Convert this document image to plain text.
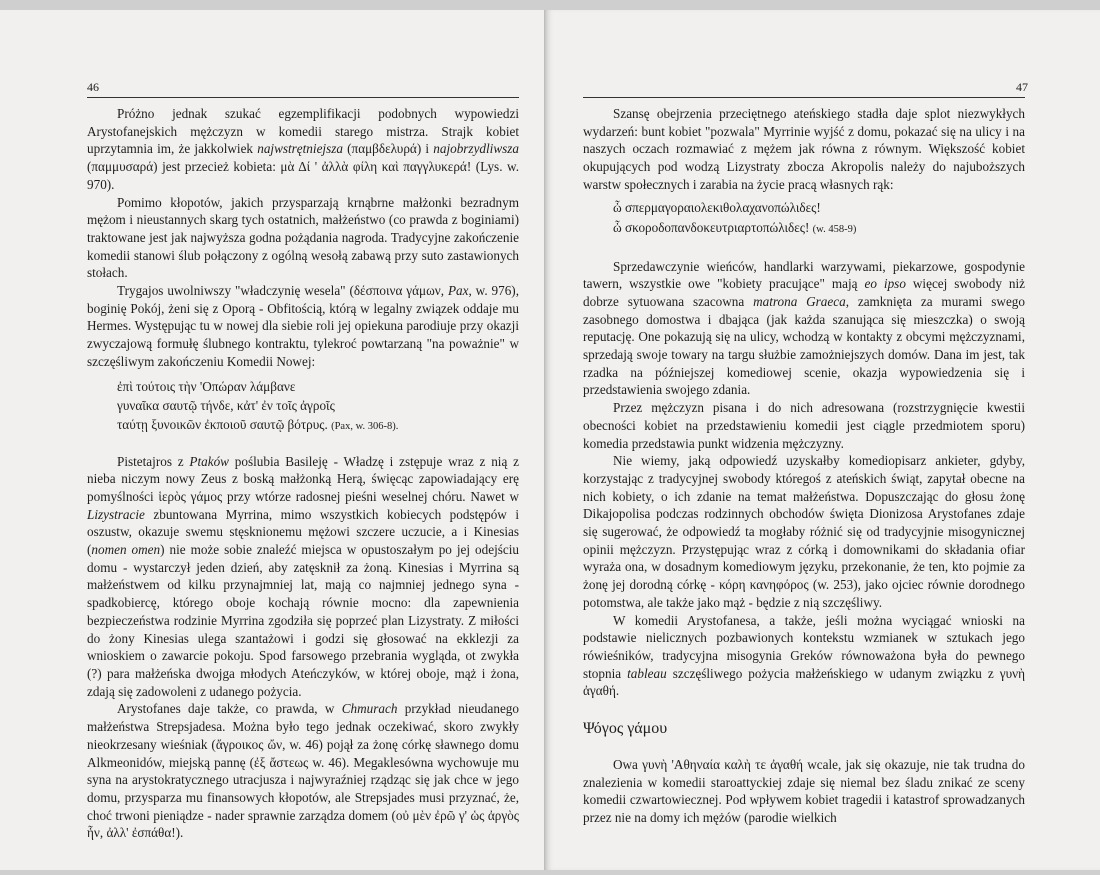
46

Próżno jednak szukać egzemplifikacji podobnych wypowiedzi Arystofanejskich mężczyzn w komedii starego mistrza. Strajk kobiet uprzytamnia im, że jakkolwiek najwstrętniejsza (παμβδελυρά) i najobrzydliwsza (παμμυσαρά) jest przecież kobieta: μὰ Δί ' ἀλλὰ φίλη καὶ παγγλυκερά! (Lys. w. 970).

Pomimo kłopotów, jakich przysparzają krnąbrne małżonki bezradnym mężom i nieustannych skarg tych ostatnich, małżeństwo (co prawda z boginiami) traktowane jest jak najwyższa godna pożądania nagroda. Tradycyjne zakończenie komedii stanowi ślub połączony z ogólną wesołą zabawą przy suto zastawionych stołach.

Trygajos uwolniwszy "władczynię wesela" (δέσποινα γάμων, Pax, w. 976), boginię Pokój, żeni się z Oporą - Obfitością, którą w legalny związek oddaje mu Hermes. Występując tu w nowej dla siebie roli jej opiekuna parodiuje przy okazji zwyczajową formułę ślubnego kontraktu, tylekroć powtarzaną "na poważnie" w szczęśliwym zakończeniu Komedii Nowej:

ἐπὶ τούτοις τὴν 'Οπώραν λάμβανε
γυναῖκα σαυτῷ τήνδε, κἀτ' ἐν τοῖς ἀγροῖς
ταύτῃ ξυνοικῶν ἐκποιοῦ σαυτῷ βότρυς. (Pax, w. 306-8).

Pistetajros z Ptaków poślubia Basileję - Władzę i zstępuje wraz z nią z nieba niczym nowy Zeus z boską małżonką Herą, święcąc zapowiadający erę pomyślności ἱερὸς γάμος przy wtórze radosnej pieśni weselnej chóru. Nawet w Lizystracie zbuntowana Myrrina, mimo wszystkich kobiecych podstępów i oszustw, okazuje swemu stęsknionemu mężowi szczere uczucie, a i Kinesias (nomen omen) nie może sobie znaleźć miejsca w opustoszałym po jej odejściu domu - wystarczył jeden dzień, aby zatęsknił za żoną. Kinesias i Myrrina są małżeństwem od kilku przynajmniej lat, mają co najmniej jednego syna - spadkobiercę, którego oboje kochają równie mocno: dla zapewnienia bezpieczeństwa rodzinie Myrrina zgodziła się poprzeć plan Lizystraty. Z miłości do żony Kinesias ulega szantażowi i godzi się głosować na ekklezji za wnioskiem o zawarcie pokoju. Spod farsowego przebrania wygląda, ot zwykła (?) para małżeńska dwojga młodych Ateńczyków, w której oboje, mąż i żona, zdają się zadowoleni z udanego pożycia.

Arystofanes daje także, co prawda, w Chmurach przykład nieudanego małżeństwa Strepsjadesa. Można było tego jednak oczekiwać, skoro zwykły nieokrzesany wieśniak (ἄγροικος ὤν, w. 46) pojął za żonę córkę sławnego domu Alkmeonidów, miejską pannę (ἐξ ἄστεως w. 46). Megaklesówna wychowuje mu syna na arystokratycznego utracjusza i najwyraźniej rządząc się jak chce w jego domu, przysparza mu finansowych kłopotów, ale Strepsjades musi przyznać, że, choć trwoni pieniądze - nader sprawnie zarządza domem (οὐ μὲν ἐρῶ γ' ὡς ἀργὸς ἦν, ἀλλ' ἐσπάθα!).

47

Szansę obejrzenia przeciętnego ateńskiego stadła daje splot niezwykłych wydarzeń: bunt kobiet "pozwala" Myrrinie wyjść z domu, pokazać się na ulicy i na naszych oczach rozmawiać z mężem jak równa z równym. Większość kobiet okupujących pod wodzą Lizystraty zbocza Akropolis należy do najuboższych warstw społecznych i zarabia na życie pracą własnych rąk:

ὦ σπερμαγοραιολεκιθολαχανοπώλιδες!
ὦ σκοροδοπανδοκευτριαρτοπώλιδες! (w. 458-9)

Sprzedawczynie wieńców, handlarki warzywami, piekarzowe, gospodynie tawern, wszystkie owe "kobiety pracujące" mają eo ipso więcej swobody niż dobrze sytuowana szacowna matrona Graeca, zamknięta za murami swego zasobnego domostwa i dbająca (jak każda szanująca się mieszczka) o swoją reputację. One pokazują się na ulicy, wchodzą w kontakty z obcymi mężczyznami, sprzedają swoje towary na targu służbie zamożniejszych domów. Dana im jest, tak rzadka na późniejszej komediowej scenie, okazja wypowiedzenia się i przedstawienia swojego zdania.

Przez mężczyzn pisana i do nich adresowana (rozstrzygnięcie kwestii obecności kobiet na przedstawieniu komedii jest ciągle przedmiotem sporu) komedia przedstawia punkt widzenia mężczyzny.

Nie wiemy, jaką odpowiedź uzyskałby komediopisarz ankieter, gdyby, korzystając z tradycyjnej swobody któregoś z ateńskich świąt, zapytał obecne na nich kobiety, o ich zdanie na temat małżeństwa. Dopuszczając do głosu żonę Dikajopolisa podczas rodzinnych obchodów święta Dionizosa Arystofanes zdaje się sugerować, że odpowiedź ta mogłaby różnić się od tradycyjnie misogynicznej opinii mężczyzn. Przystępując wraz z córką i domownikami do składania ofiar wyraża ona, w dosadnym komediowym języku, przekonanie, że ten, kto pojmie za żonę jej dorodną córkę - κόρη κανηφόρος (w. 253), jako ojciec równie dorodnego potomstwa, ale także jako mąż - będzie z nią szczęśliwy.

W komedii Arystofanesa, a także, jeśli można wyciągać wnioski na podstawie nielicznych pozbawionych kontekstu wzmianek w sztukach jego rówieśników, tradycyjna misogynia Greków równoważona była do pewnego stopnia tableau szczęśliwego pożycia małżeńskiego w udanym związku z γυνὴ ἀγαθή.

Ψόγος γάμου

Owa γυνὴ 'Αθηναία καλὴ τε ἀγαθή wcale, jak się okazuje, nie tak trudna do znalezienia w komedii staroattyckiej zdaje się niemal bez śladu znikać ze sceny komedii czwartowiecznej. Pod wpływem kobiet tragedii i katastrof sprowadzanych przez nie na domy ich mężów (parodie wielkich
